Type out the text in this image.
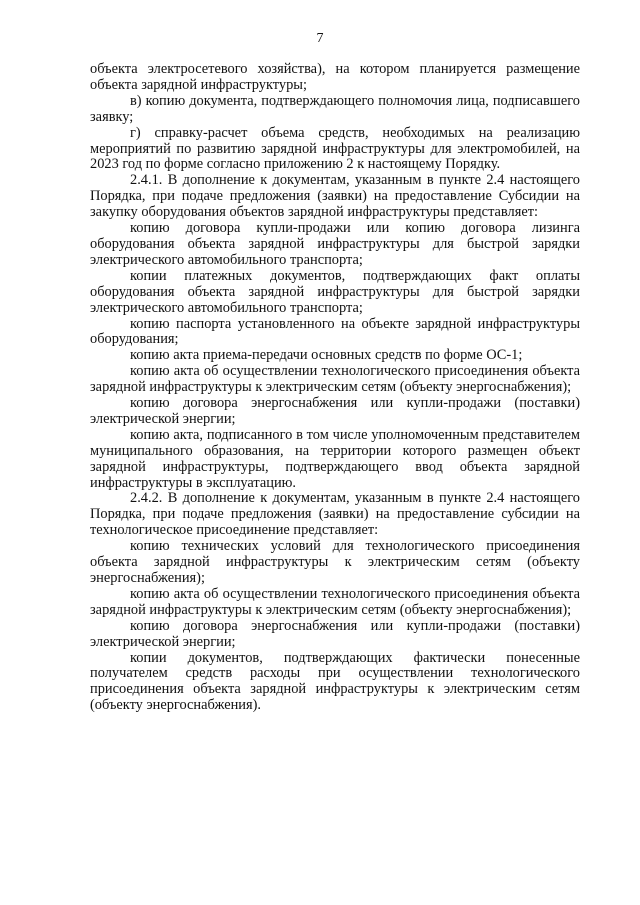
7

объекта электросетевого хозяйства), на котором планируется размещение объекта зарядной инфраструктуры;

в) копию документа, подтверждающего полномочия лица, подписавшего заявку;

г) справку-расчет объема средств, необходимых на реализацию мероприятий по развитию зарядной инфраструктуры для электромобилей, на 2023 год по форме согласно приложению 2 к настоящему Порядку.

2.4.1. В дополнение к документам, указанным в пункте 2.4 настоящего Порядка, при подаче предложения (заявки) на предоставление Субсидии на закупку оборудования объектов зарядной инфраструктуры представляет:

копию договора купли-продажи или копию договора лизинга оборудования объекта зарядной инфраструктуры для быстрой зарядки электрического автомобильного транспорта;

копии платежных документов, подтверждающих факт оплаты оборудования объекта зарядной инфраструктуры для быстрой зарядки электрического автомобильного транспорта;

копию паспорта установленного на объекте зарядной инфраструктуры оборудования;

копию акта приема-передачи основных средств по форме ОС-1;

копию акта об осуществлении технологического присоединения объекта зарядной инфраструктуры к электрическим сетям (объекту энергоснабжения);

копию договора энергоснабжения или купли-продажи (поставки) электрической энергии;

копию акта, подписанного в том числе уполномоченным представителем муниципального образования, на территории которого размещен объект зарядной инфраструктуры, подтверждающего ввод объекта зарядной инфраструктуры в эксплуатацию.

2.4.2. В дополнение к документам, указанным в пункте 2.4 настоящего Порядка, при подаче предложения (заявки) на предоставление субсидии на технологическое присоединение представляет:

копию технических условий для технологического присоединения объекта зарядной инфраструктуры к электрическим сетям (объекту энергоснабжения);

копию акта об осуществлении технологического присоединения объекта зарядной инфраструктуры к электрическим сетям (объекту энергоснабжения);

копию договора энергоснабжения или купли-продажи (поставки) электрической энергии;

копии документов, подтверждающих фактически понесенные получателем средств расходы при осуществлении технологического присоединения объекта зарядной инфраструктуры к электрическим сетям (объекту энергоснабжения).
